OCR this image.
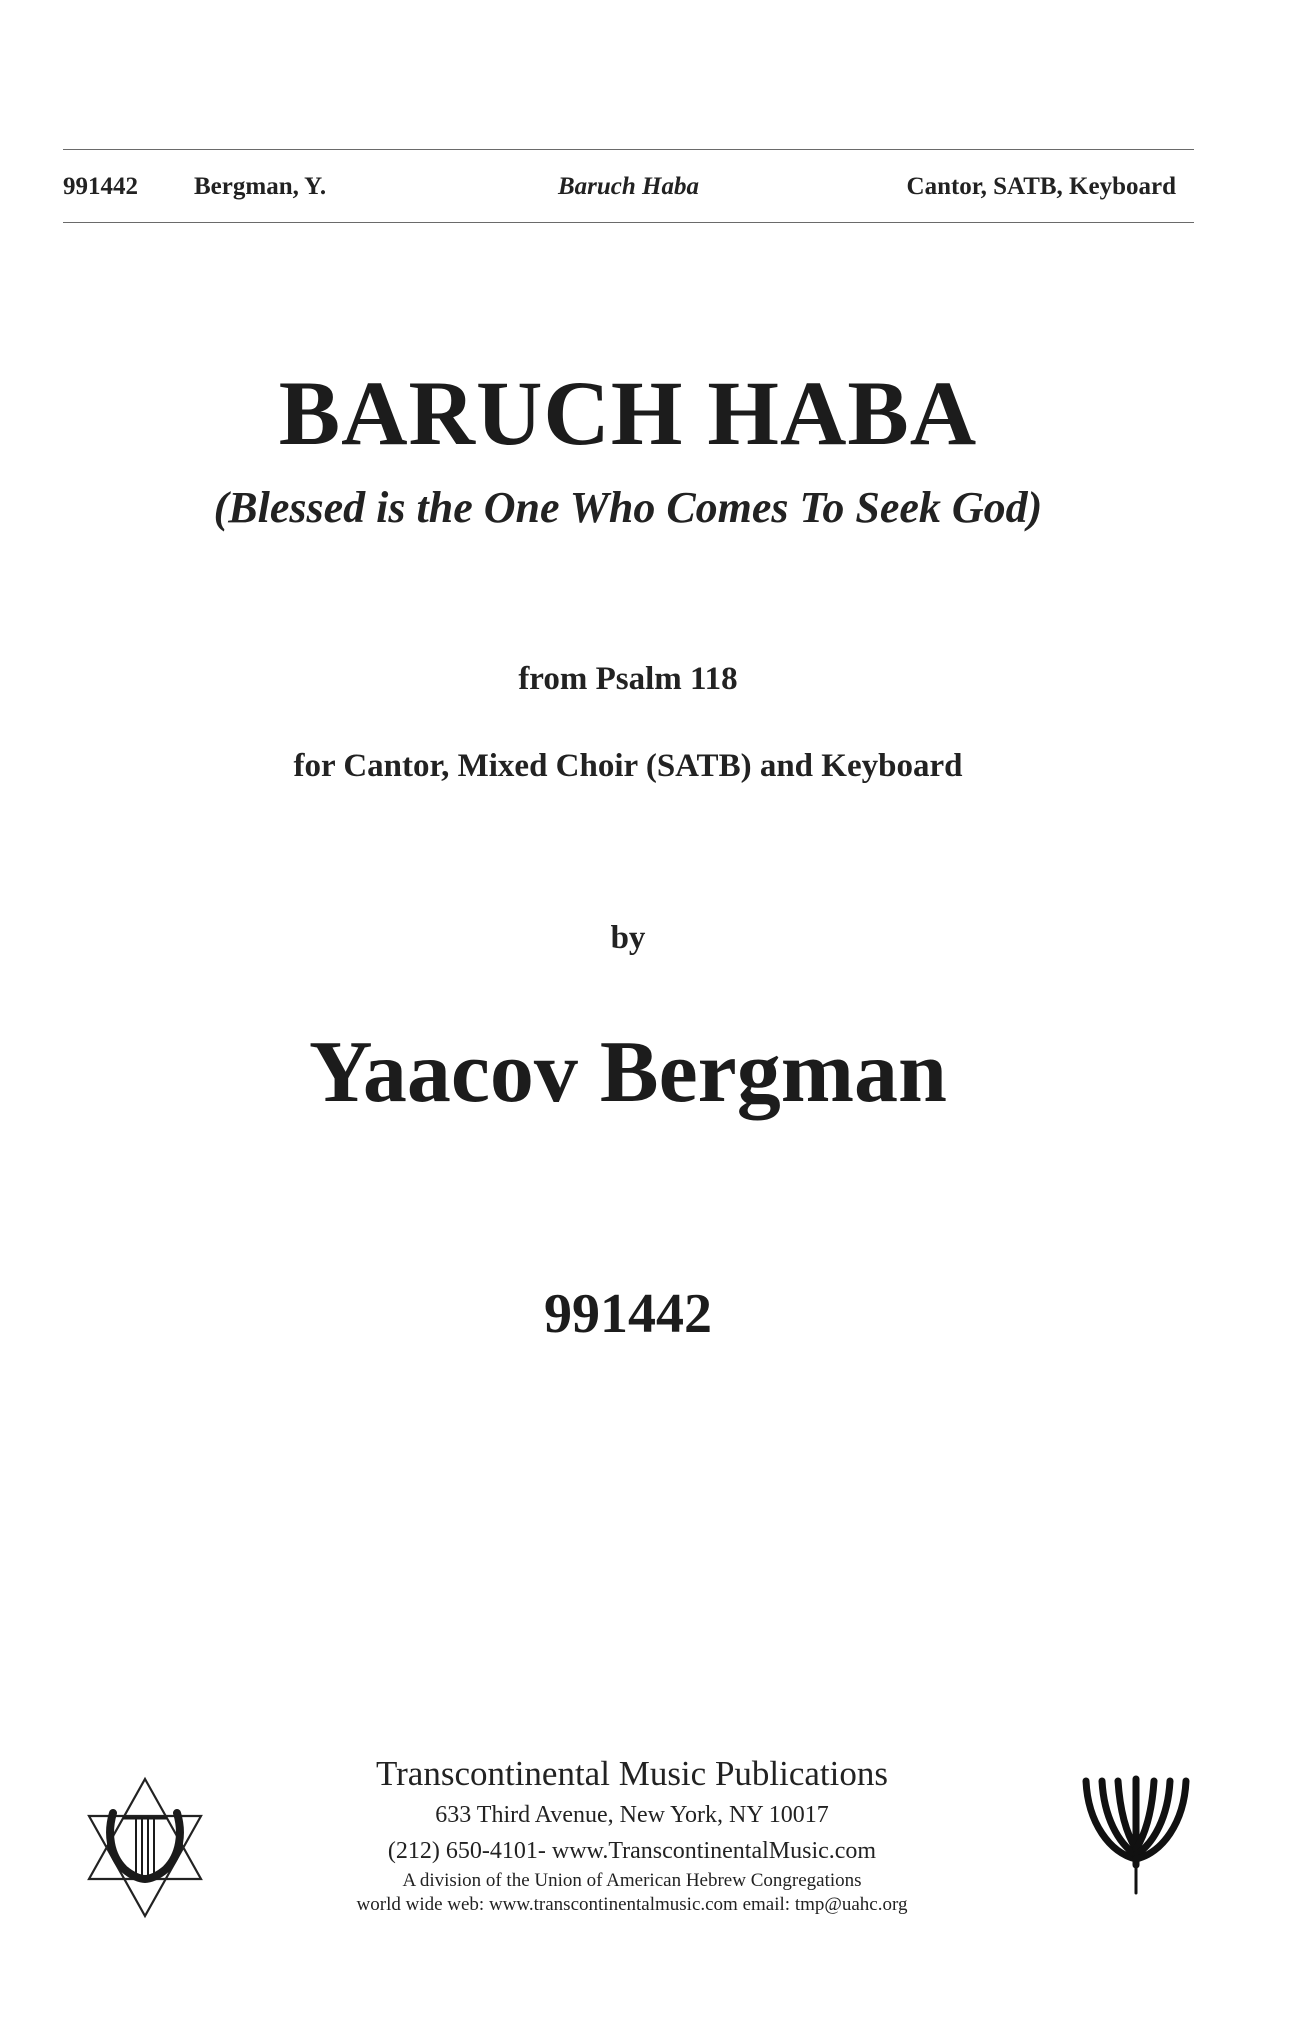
991442 Bergman, Y.	Baruch Haba	Cantor, SATB, Keyboard
BARUCH HABA
(Blessed is the One Who Comes To Seek God)
from Psalm 118
for Cantor, Mixed Choir (SATB) and Keyboard
by
Yaacov Bergman
991442
Transcontinental Music Publications
633 Third Avenue, New York, NY 10017
(212) 650-4101- www.TranscontinentalMusic.com
A division of the Union of American Hebrew Congregations
world wide web: www.transcontinentalmusic.com email: tmp@uahc.org
